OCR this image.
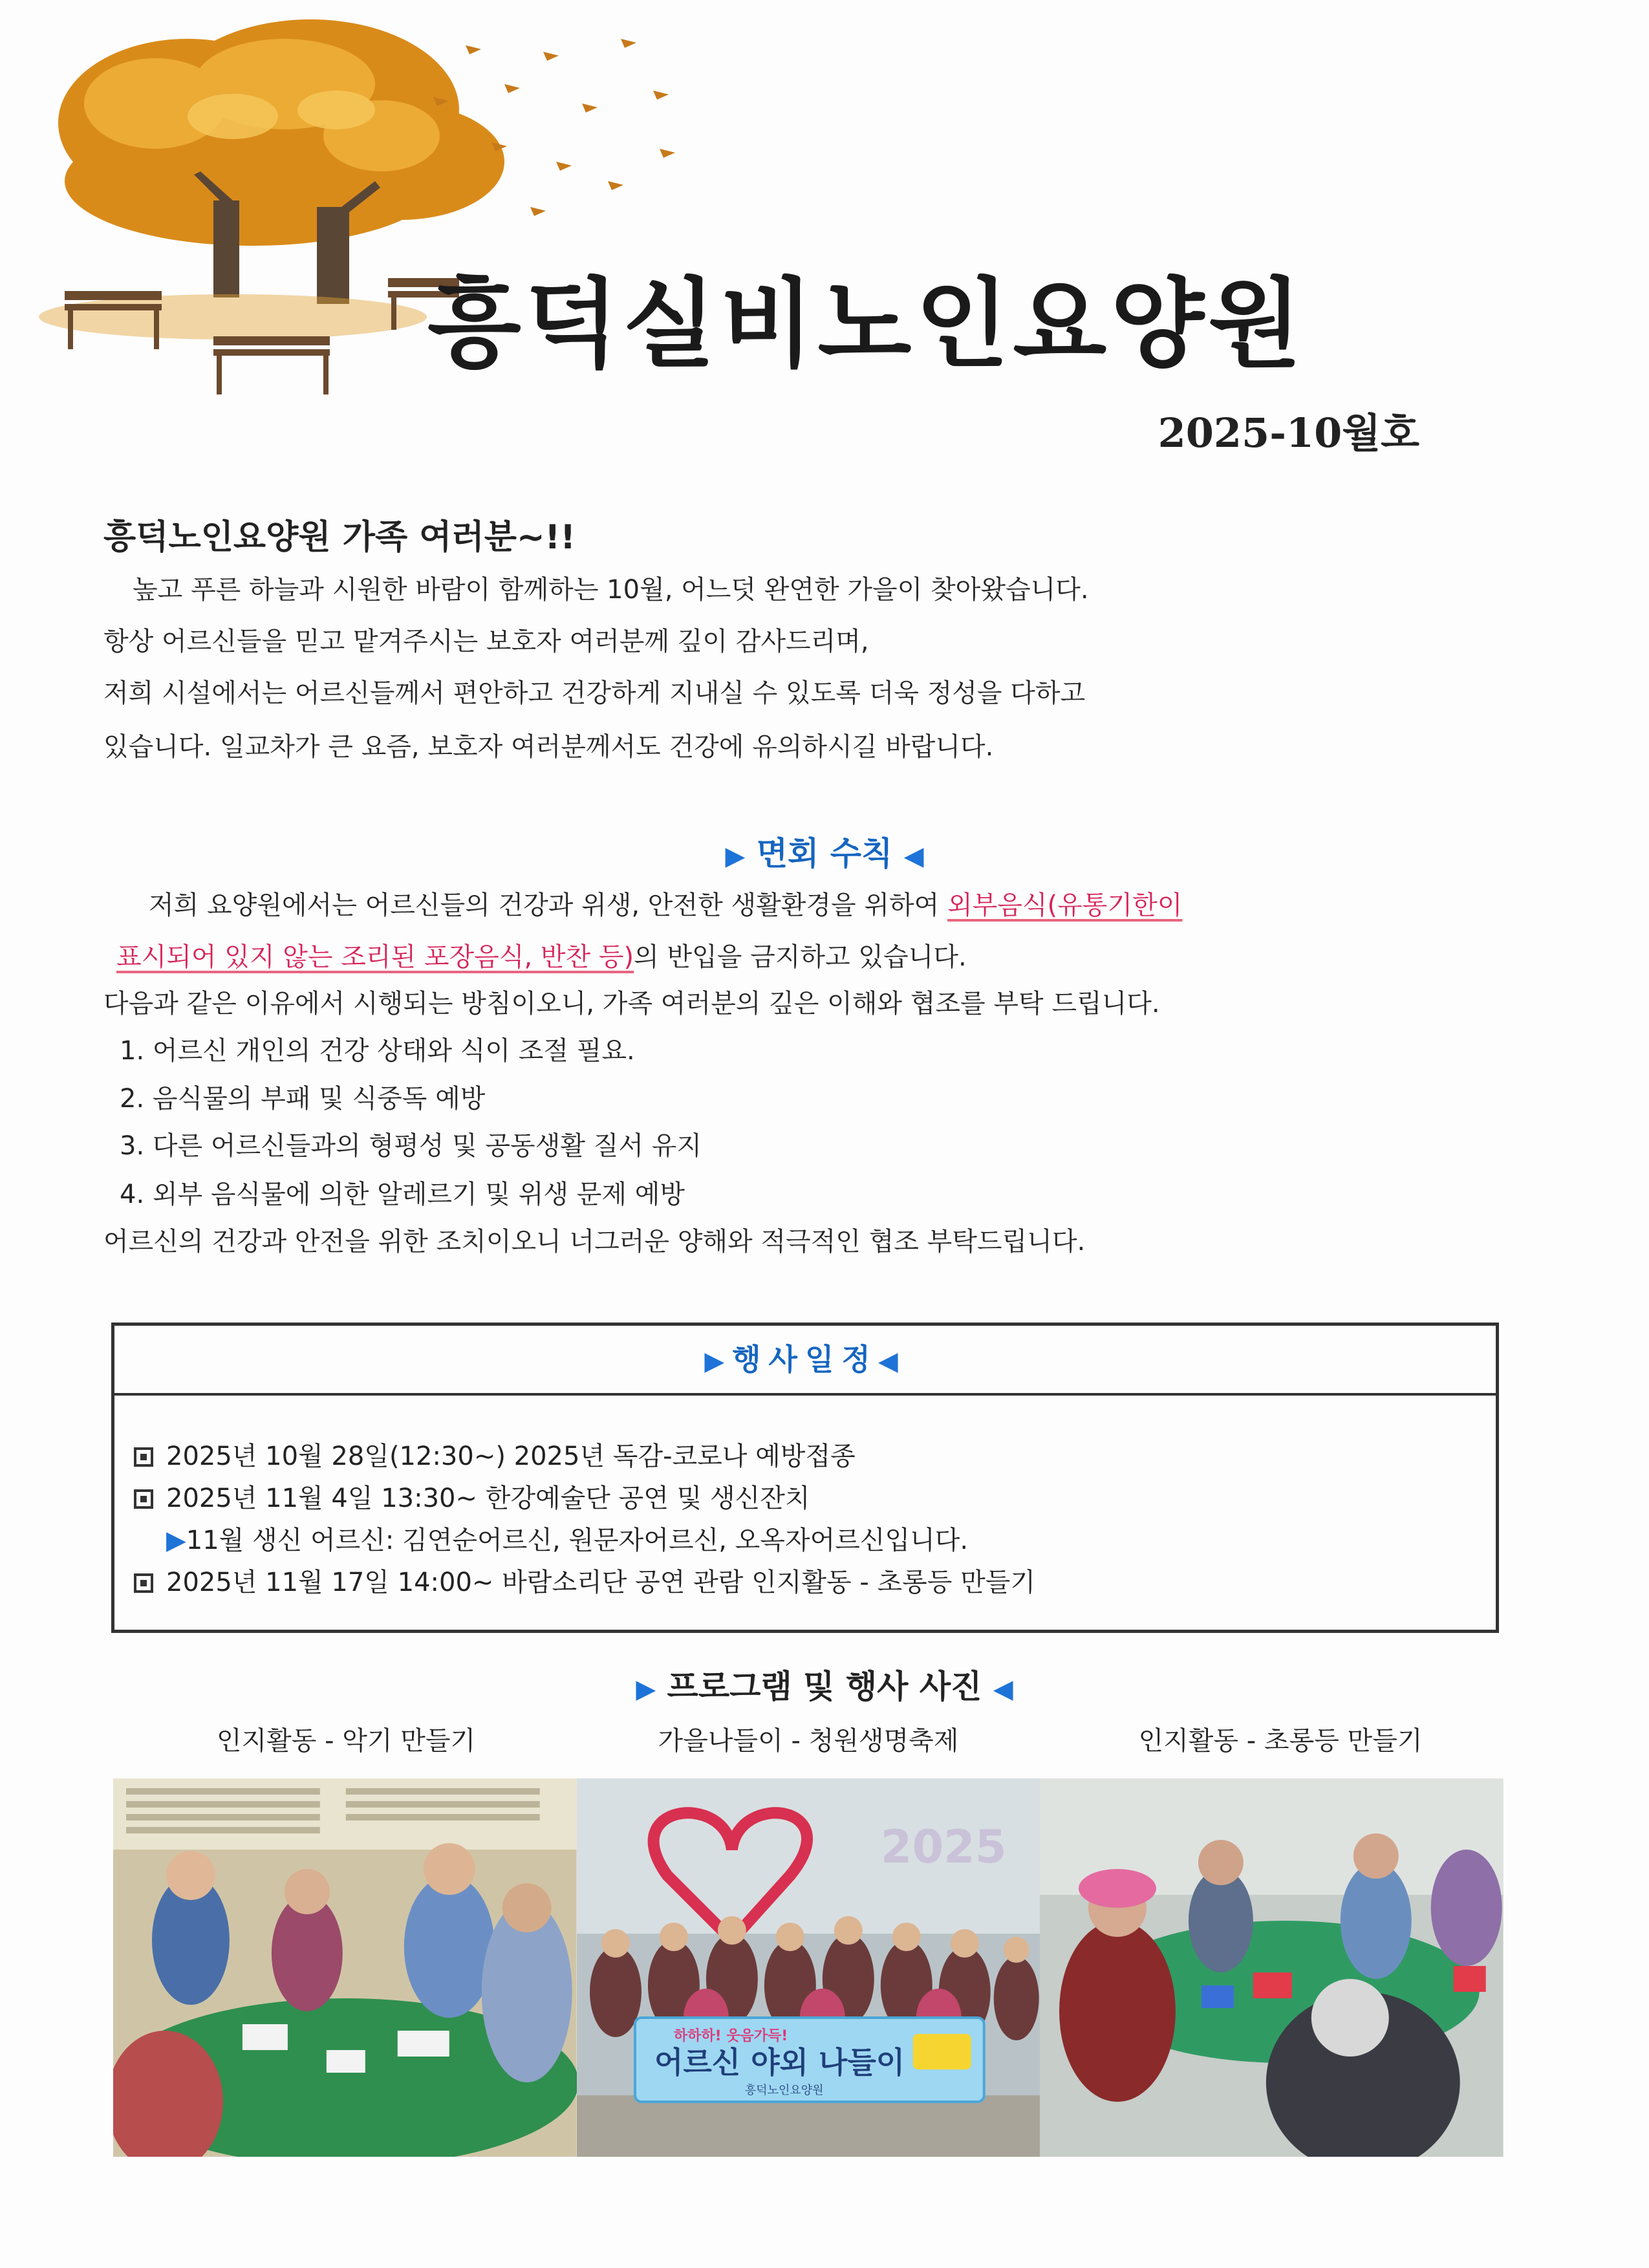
흥덕실비노인요양원
2025-10월호
흥덕노인요양원 가족 여러분~!!
높고 푸른 하늘과 시원한 바람이 함께하는 10월, 어느덧 완연한 가을이 찾아왔습니다.
항상 어르신들을 믿고 맡겨주시는 보호자 여러분께 깊이 감사드리며,
저희 시설에서는 어르신들께서 편안하고 건강하게 지내실 수 있도록 더욱 정성을 다하고
있습니다. 일교차가 큰 요즘, 보호자 여러분께서도 건강에 유의하시길 바랍니다.
▶ 면회 수칙 ◀
저희 요양원에서는 어르신들의 건강과 위생, 안전한 생활환경을 위하여 외부음식(유통기한이
표시되어 있지 않는 조리된 포장음식, 반찬 등)의 반입을 금지하고 있습니다.
다음과 같은 이유에서 시행되는 방침이오니, 가족 여러분의 깊은 이해와 협조를 부탁 드립니다.
1. 어르신 개인의 건강 상태와 식이 조절 필요.
2. 음식물의 부패 및 식중독 예방
3. 다른 어르신들과의 형평성 및 공동생활 질서 유지
4. 외부 음식물에 의한 알레르기 및 위생 문제 예방
어르신의 건강과 안전을 위한 조치이오니 너그러운 양해와 적극적인 협조 부탁드립니다.
▶행사일정◀
2025년 10월 28일(12:30~) 2025년 독감-코로나 예방접종
2025년 11월 4일 13:30~ 한강예술단 공연 및 생신잔치
▶11월 생신 어르신: 김연순어르신, 원문자어르신, 오옥자어르신입니다.
2025년 11월 17일 14:00~ 바람소리단 공연 관람 인지활동 - 초롱등 만들기
▶ 프로그램 및 행사 사진 ◀
인지활동 - 악기 만들기	가을나들이 - 청원생명축제	인지활동 - 초롱등 만들기
2025
하하하! 웃음가득!
어르신 야외 나들이
흥덕노인요양원
